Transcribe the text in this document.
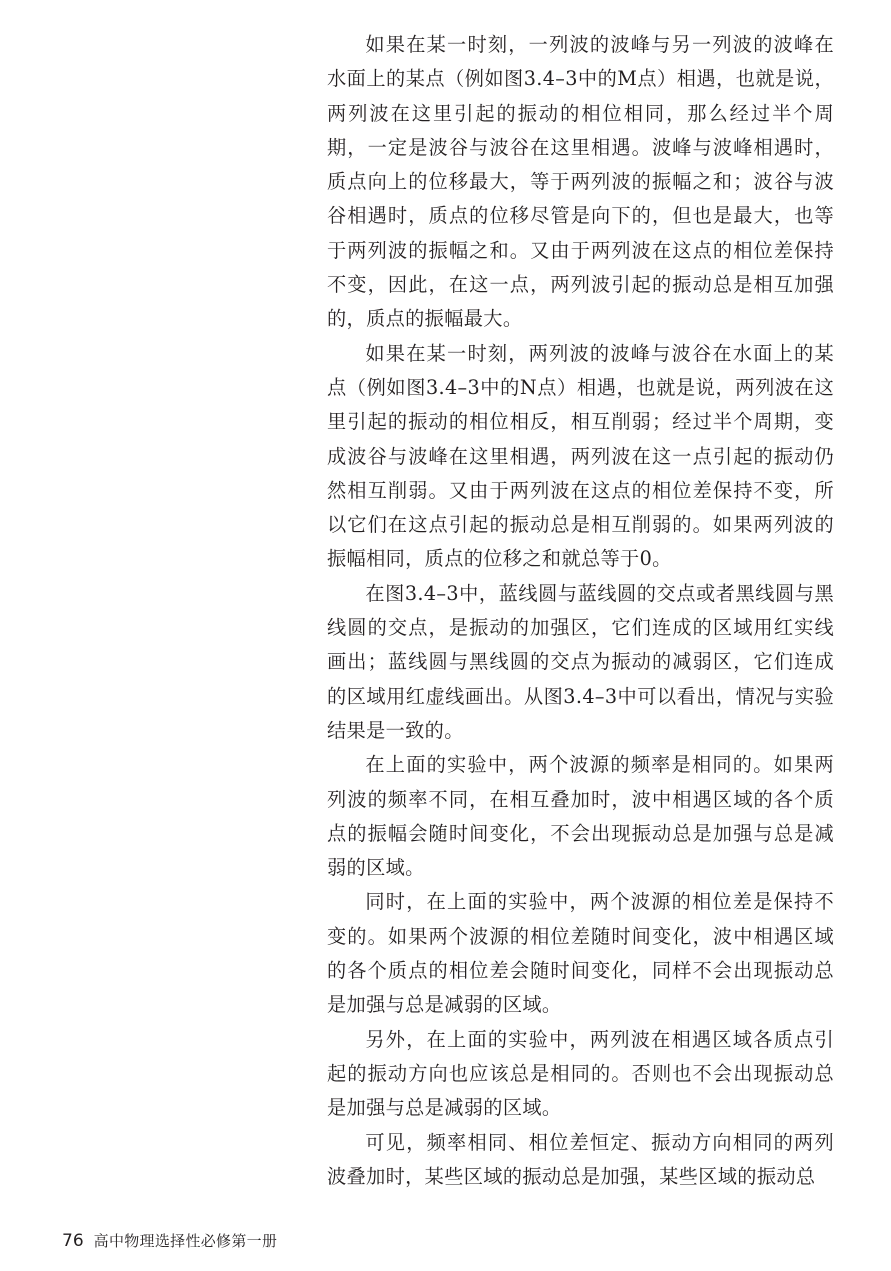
如果在某一时刻，一列波的波峰与另一列波的波峰在水面上的某点（例如图3.4–3中的M点）相遇，也就是说，两列波在这里引起的振动的相位相同，那么经过半个周期，一定是波谷与波谷在这里相遇。波峰与波峰相遇时，质点向上的位移最大，等于两列波的振幅之和；波谷与波谷相遇时，质点的位移尽管是向下的，但也是最大，也等于两列波的振幅之和。又由于两列波在这点的相位差保持不变，因此，在这一点，两列波引起的振动总是相互加强的，质点的振幅最大。

如果在某一时刻，两列波的波峰与波谷在水面上的某点（例如图3.4–3中的N点）相遇，也就是说，两列波在这里引起的振动的相位相反，相互削弱；经过半个周期，变成波谷与波峰在这里相遇，两列波在这一点引起的振动仍然相互削弱。又由于两列波在这点的相位差保持不变，所以它们在这点引起的振动总是相互削弱的。如果两列波的振幅相同，质点的位移之和就总等于0。

在图3.4–3中，蓝线圆与蓝线圆的交点或者黑线圆与黑线圆的交点，是振动的加强区，它们连成的区域用红实线画出；蓝线圆与黑线圆的交点为振动的减弱区，它们连成的区域用红虚线画出。从图3.4–3中可以看出，情况与实验结果是一致的。

在上面的实验中，两个波源的频率是相同的。如果两列波的频率不同，在相互叠加时，波中相遇区域的各个质点的振幅会随时间变化，不会出现振动总是加强与总是减弱的区域。

同时，在上面的实验中，两个波源的相位差是保持不变的。如果两个波源的相位差随时间变化，波中相遇区域的各个质点的相位差会随时间变化，同样不会出现振动总是加强与总是减弱的区域。

另外，在上面的实验中，两列波在相遇区域各质点引起的振动方向也应该总是相同的。否则也不会出现振动总是加强与总是减弱的区域。

可见，频率相同、相位差恒定、振动方向相同的两列波叠加时，某些区域的振动总是加强，某些区域的振动总

76 高中物理选择性必修第一册
